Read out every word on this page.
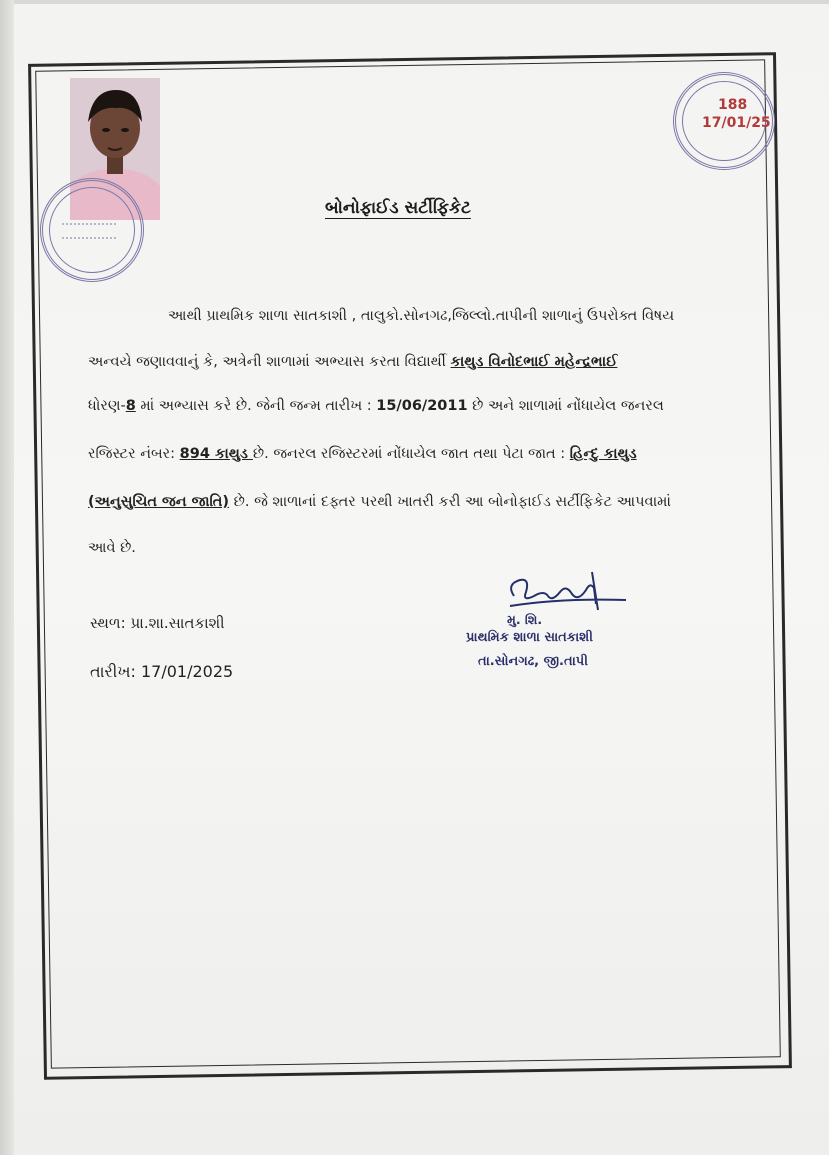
188
17/01/25
બોનોફાઈડ સર્ટીફિકેટ
આથી પ્રાથમિક શાળા સાતકાશી , તાલુકો.સોનગઢ,જિલ્લો.તાપીની શાળાનું ઉપરોક્ત વિષય
અન્વયે જણાવવાનું કે, અત્રેની શાળામાં અભ્યાસ કરતા વિદ્યાર્થી કાથુડ વિનોદભાઈ મહેન્દ્રભાઈ
ધોરણ-8 માં અભ્યાસ કરે છે. જેની જન્મ તારીખ : 15/06/2011 છે અને શાળામાં નોંધાયેલ જનરલ
રજિસ્ટર નંબર: 894 કાથુડ છે. જનરલ રજિસ્ટરમાં નોંધાયેલ જાત તથા પેટા જાત : હિન્દુ કાથુડ
(અનુસુચિત જન જાતિ) છે. જે શાળાનાં દફ્તર પરથી ખાતરી કરી આ બોનોફાઈડ સર્ટીફિકેટ આપવામાં
આવે છે.
સ્થળ: પ્રા.શા.સાતકાશી
તારીખ: 17/01/2025
મુ. શિ.
પ્રાથમિક શાળા સાતકાશી
તા.સોનગઢ, જી.તાપી
